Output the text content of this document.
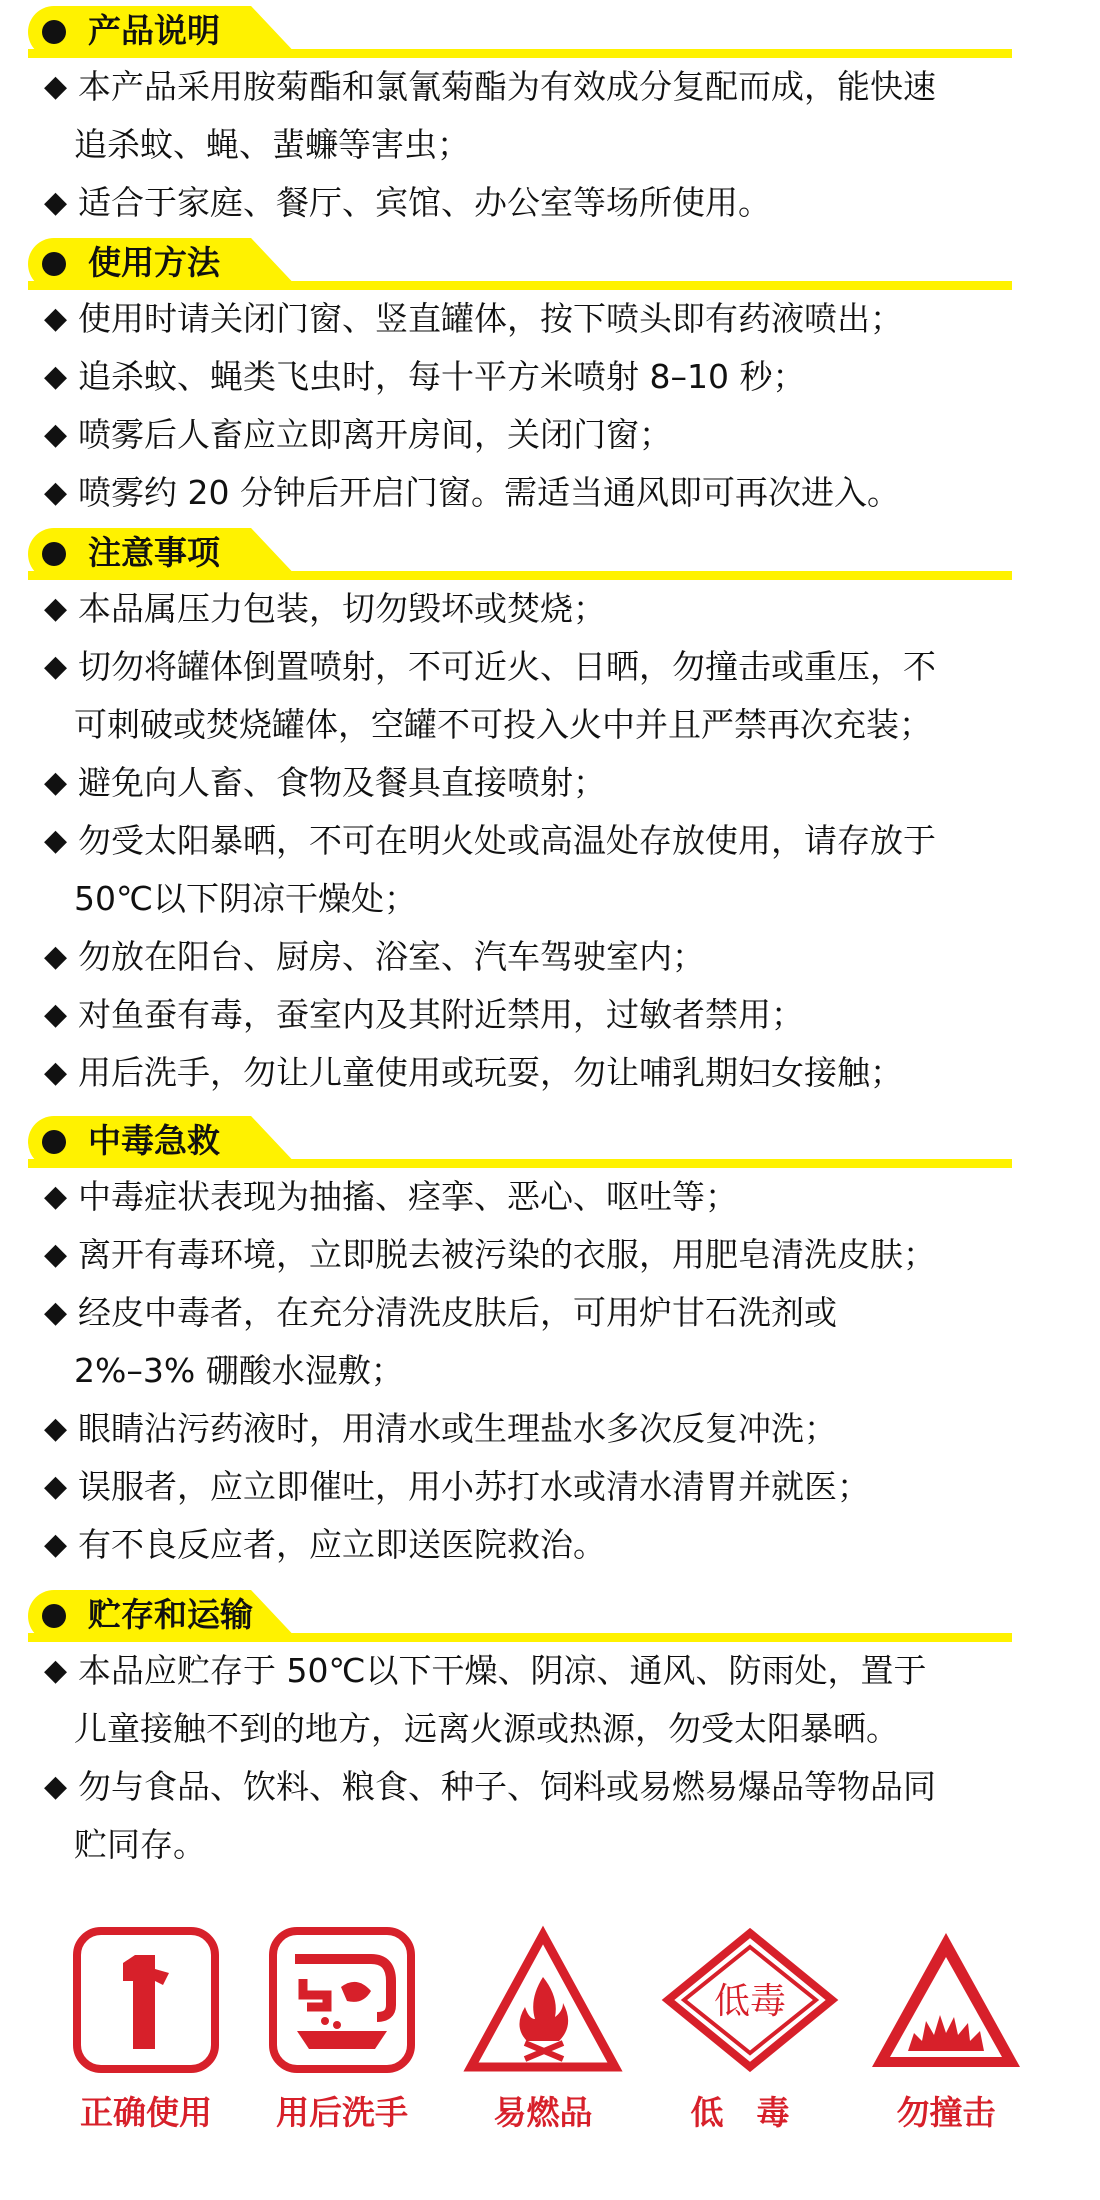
产品说明
◆ 本产品采用胺菊酯和氯氰菊酯为有效成分复配而成，能快速
追杀蚊、蝇、蜚蠊等害虫；
◆ 适合于家庭、餐厅、宾馆、办公室等场所使用。
使用方法
◆ 使用时请关闭门窗、竖直罐体，按下喷头即有药液喷出；
◆ 追杀蚊、蝇类飞虫时，每十平方米喷射 8–10 秒；
◆ 喷雾后人畜应立即离开房间，关闭门窗；
◆ 喷雾约 20 分钟后开启门窗。需适当通风即可再次进入。
注意事项
◆ 本品属压力包装，切勿毁坏或焚烧；
◆ 切勿将罐体倒置喷射，不可近火、日晒，勿撞击或重压，不
可刺破或焚烧罐体，空罐不可投入火中并且严禁再次充装；
◆ 避免向人畜、食物及餐具直接喷射；
◆ 勿受太阳暴晒，不可在明火处或高温处存放使用，请存放于
50℃以下阴凉干燥处；
◆ 勿放在阳台、厨房、浴室、汽车驾驶室内；
◆ 对鱼蚕有毒，蚕室内及其附近禁用，过敏者禁用；
◆ 用后洗手，勿让儿童使用或玩耍，勿让哺乳期妇女接触；
中毒急救
◆ 中毒症状表现为抽搐、痉挛、恶心、呕吐等；
◆ 离开有毒环境，立即脱去被污染的衣服，用肥皂清洗皮肤；
◆ 经皮中毒者，在充分清洗皮肤后，可用炉甘石洗剂或
2%–3% 硼酸水湿敷；
◆ 眼睛沾污药液时，用清水或生理盐水多次反复冲洗；
◆ 误服者，应立即催吐，用小苏打水或清水清胃并就医；
◆ 有不良反应者，应立即送医院救治。
贮存和运输
◆ 本品应贮存于 50℃以下干燥、阴凉、通风、防雨处，置于
儿童接触不到的地方，远离火源或热源，勿受太阳暴晒。
◆ 勿与食品、饮料、粮食、种子、饲料或易燃易爆品等物品同
贮同存。
正确使用	用后洗手	易燃品
低毒
低　毒	勿撞击
